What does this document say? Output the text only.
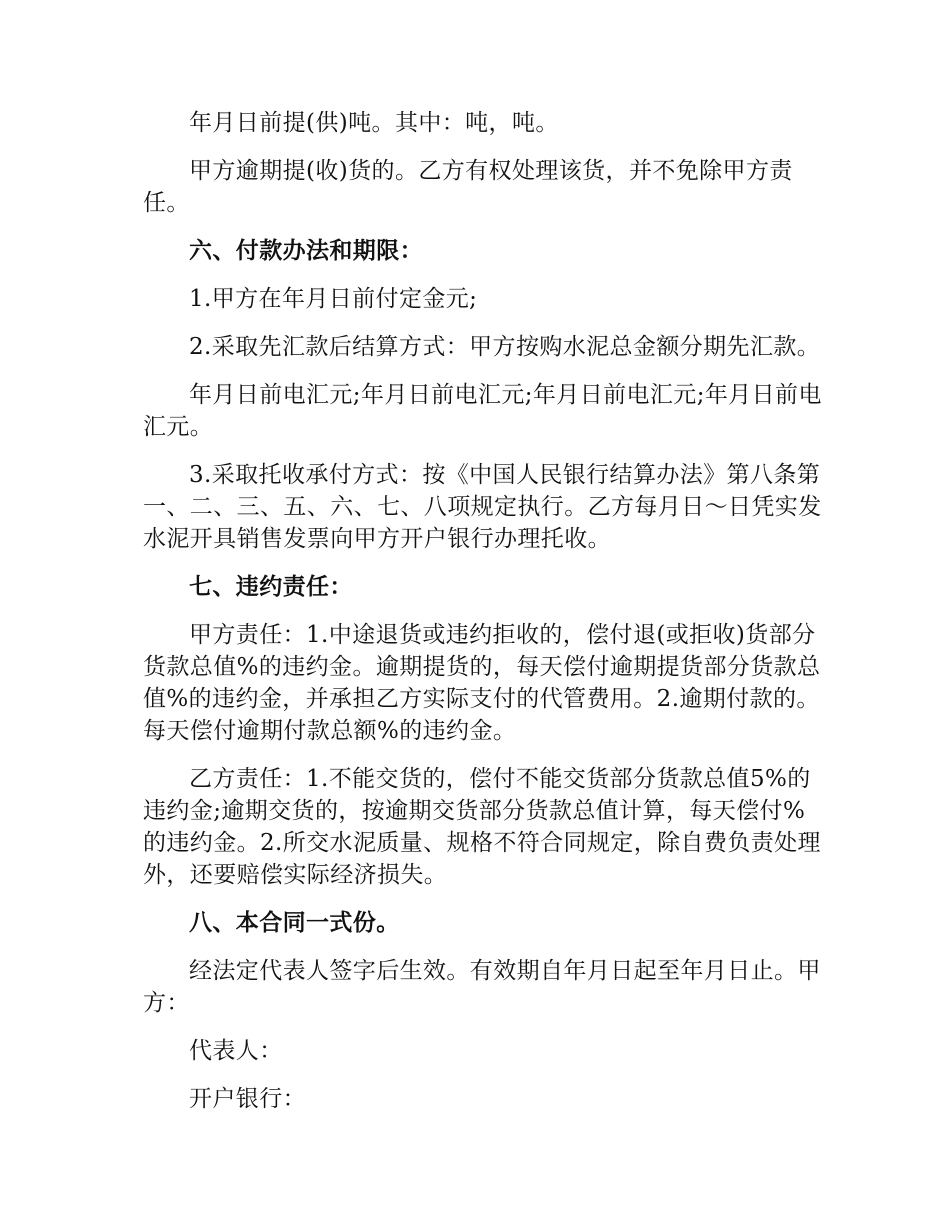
年月日前提(供)吨。其中：吨，吨。

甲方逾期提(收)货的。乙方有权处理该货，并不免除甲方责任。

六、付款办法和期限：

1.甲方在年月日前付定金元;

2.采取先汇款后结算方式：甲方按购水泥总金额分期先汇款。

年月日前电汇元;年月日前电汇元;年月日前电汇元;年月日前电汇元。

3.采取托收承付方式：按《中国人民银行结算办法》第八条第一、二、三、五、六、七、八项规定执行。乙方每月日～日凭实发水泥开具销售发票向甲方开户银行办理托收。

七、违约责任：

甲方责任：1.中途退货或违约拒收的，偿付退(或拒收)货部分货款总值%的违约金。逾期提货的，每天偿付逾期提货部分货款总值%的违约金，并承担乙方实际支付的代管费用。2.逾期付款的。每天偿付逾期付款总额%的违约金。

乙方责任：1.不能交货的，偿付不能交货部分货款总值5%的违约金;逾期交货的，按逾期交货部分货款总值计算，每天偿付%的违约金。2.所交水泥质量、规格不符合同规定，除自费负责处理外，还要赔偿实际经济损失。

八、本合同一式份。

经法定代表人签字后生效。有效期自年月日起至年月日止。甲方：

代表人：

开户银行：
